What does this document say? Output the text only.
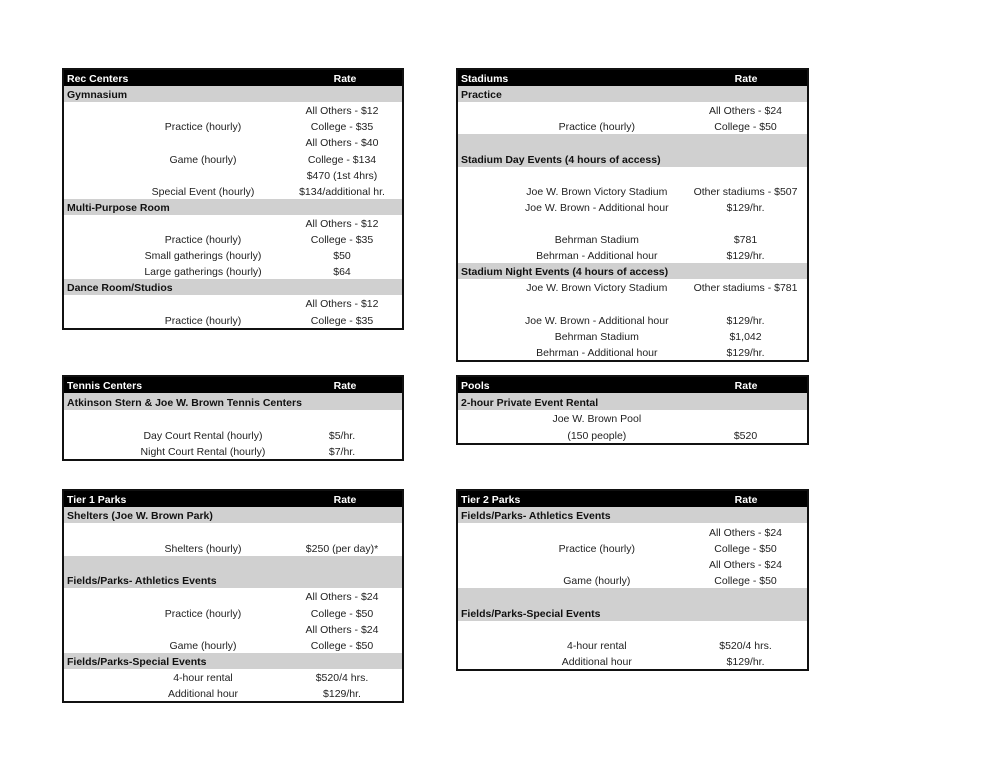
Rec Centers	Rate
Gymnasium
All Others - $12
Practice (hourly)	College - $35
All Others - $40
Game (hourly)	College - $134
$470 (1st 4hrs)
Special Event (hourly)	$134/additional hr.
Multi-Purpose Room
All Others - $12
Practice (hourly)	College - $35
Small gatherings (hourly)	$50
Large gatherings (hourly)	$64
Dance Room/Studios
All Others - $12
Practice (hourly)	College - $35
Stadiums	Rate
Practice
All Others - $24
Practice (hourly)	College - $50
Stadium Day Events (4 hours of access)
Joe W. Brown Victory Stadium	Other stadiums - $507
Joe W. Brown - Additional hour	$129/hr.
Behrman Stadium	$781
Behrman - Additional hour	$129/hr.
Stadium Night Events (4 hours of access)
Joe W. Brown Victory Stadium	Other stadiums - $781
Joe W. Brown - Additional hour	$129/hr.
Behrman Stadium	$1,042
Behrman - Additional hour	$129/hr.
Tennis Centers	Rate
Atkinson Stern & Joe W. Brown Tennis Centers
Day Court Rental (hourly)	$5/hr.
Night Court Rental (hourly)	$7/hr.
Pools	Rate
2-hour Private Event Rental
Joe W. Brown Pool
(150 people)	$520
Tier 1 Parks	Rate
Shelters (Joe W. Brown Park)
Shelters (hourly)	$250 (per day)*
Fields/Parks- Athletics Events
All Others - $24
Practice (hourly)	College - $50
All Others - $24
Game (hourly)	College - $50
Fields/Parks-Special Events
4-hour rental	$520/4 hrs.
Additional hour	$129/hr.
Tier 2 Parks	Rate
Fields/Parks- Athletics Events
All Others - $24
Practice (hourly)	College - $50
All Others - $24
Game (hourly)	College - $50
Fields/Parks-Special Events
4-hour rental	$520/4 hrs.
Additional hour	$129/hr.
